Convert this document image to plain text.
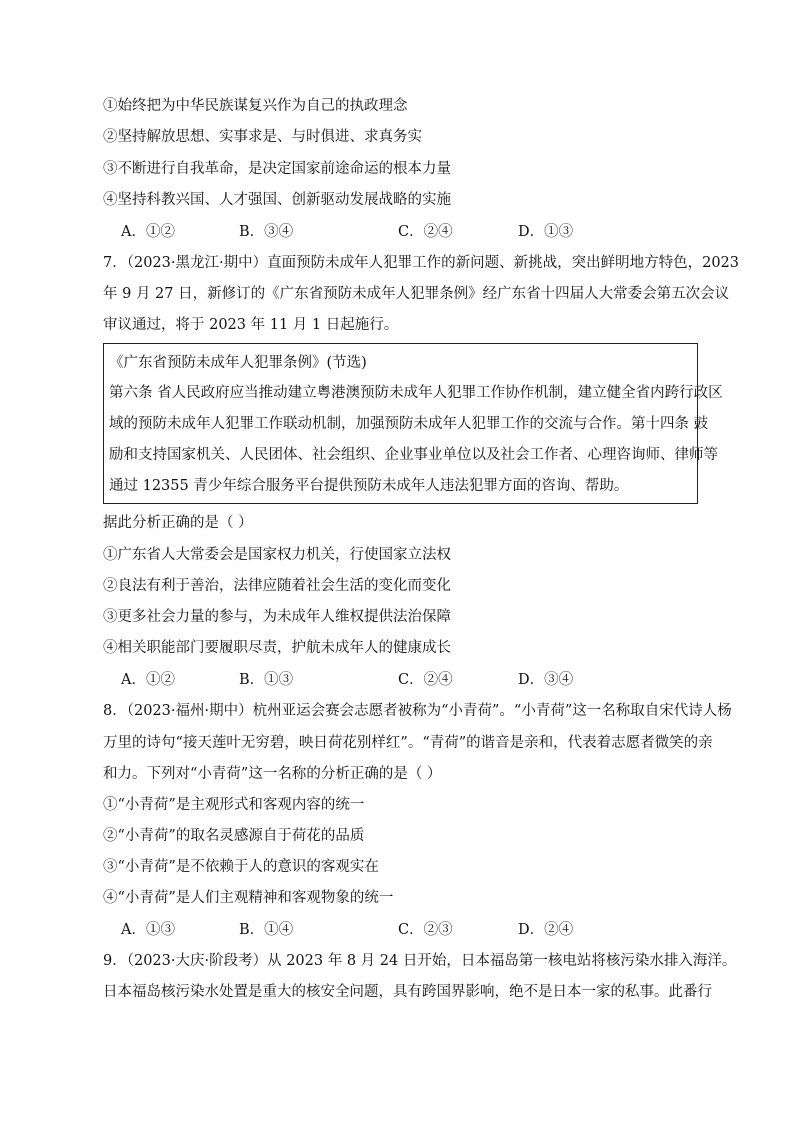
①始终把为中华民族谋复兴作为自己的执政理念
②坚持解放思想、实事求是、与时俱进、求真务实
③不断进行自我革命，是决定国家前途命运的根本力量
④坚持科教兴国、人才强国、创新驱动发展战略的实施
A．①②	B．③④	C．②④	D．①③
7．（2023·黑龙江·期中）直面预防未成年人犯罪工作的新问题、新挑战，突出鲜明地方特色，2023
年 9 月 27 日，新修订的《广东省预防未成年人犯罪条例》经广东省十四届人大常委会第五次会议
审议通过，将于 2023 年 11 月 1 日起施行。
《广东省预防未成年人犯罪条例》(节选)
第六条 省人民政府应当推动建立粤港澳预防未成年人犯罪工作协作机制，建立健全省内跨行政区
域的预防未成年人犯罪工作联动机制，加强预防未成年人犯罪工作的交流与合作。第十四条 鼓
励和支持国家机关、人民团体、社会组织、企业事业单位以及社会工作者、心理咨询师、律师等
通过 12355 青少年综合服务平台提供预防未成年人违法犯罪方面的咨询、帮助。
据此分析正确的是（ ）
①广东省人大常委会是国家权力机关，行使国家立法权
②良法有利于善治，法律应随着社会生活的变化而变化
③更多社会力量的参与，为未成年人维权提供法治保障
④相关职能部门要履职尽责，护航未成年人的健康成长
A．①②	B．①③	C．②④	D．③④
8．（2023·福州·期中）杭州亚运会赛会志愿者被称为“小青荷”。“小青荷”这一名称取自宋代诗人杨
万里的诗句“接天莲叶无穷碧，映日荷花别样红”。“青荷”的谐音是亲和，代表着志愿者微笑的亲
和力。下列对“小青荷”这一名称的分析正确的是（ ）
①“小青荷”是主观形式和客观内容的统一
②“小青荷”的取名灵感源自于荷花的品质
③“小青荷”是不依赖于人的意识的客观实在
④“小青荷”是人们主观精神和客观物象的统一
A．①③	B．①④	C．②③	D．②④
9．（2023·大庆·阶段考）从 2023 年 8 月 24 日开始，日本福岛第一核电站将核污染水排入海洋。
日本福岛核污染水处置是重大的核安全问题，具有跨国界影响，绝不是日本一家的私事。此番行
